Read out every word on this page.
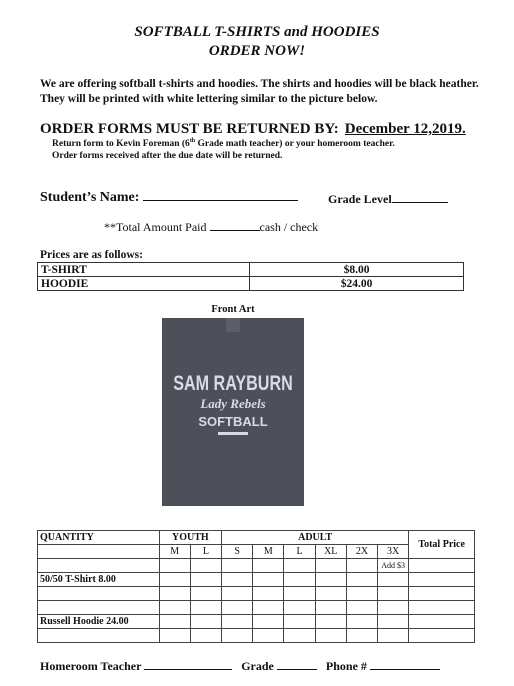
SOFTBALL T-SHIRTS and HOODIES
ORDER NOW!
We are offering softball t-shirts and hoodies. The shirts and hoodies will be black heather. They will be printed with white lettering similar to the picture below.
ORDER FORMS MUST BE RETURNED BY: December 12,2019.
Return form to Kevin Foreman (6th Grade math teacher) or your homeroom teacher.
Order forms received after the due date will be returned.
Student’s Name:	Grade Level
**Total Amount Paid	cash / check
Prices are as follows:
T-SHIRT	$8.00
HOODIE	$24.00
Front Art
SAM RAYBURN
Lady Rebels
SOFTBALL
QUANTITY	YOUTH		ADULT						Total Price
	M	L	S	M	L	XL	2X	3X	
								Add $3	
50/50 T-Shirt 8.00									

Russell Hoodie 24.00									

Homeroom Teacher	Grade	Phone #
